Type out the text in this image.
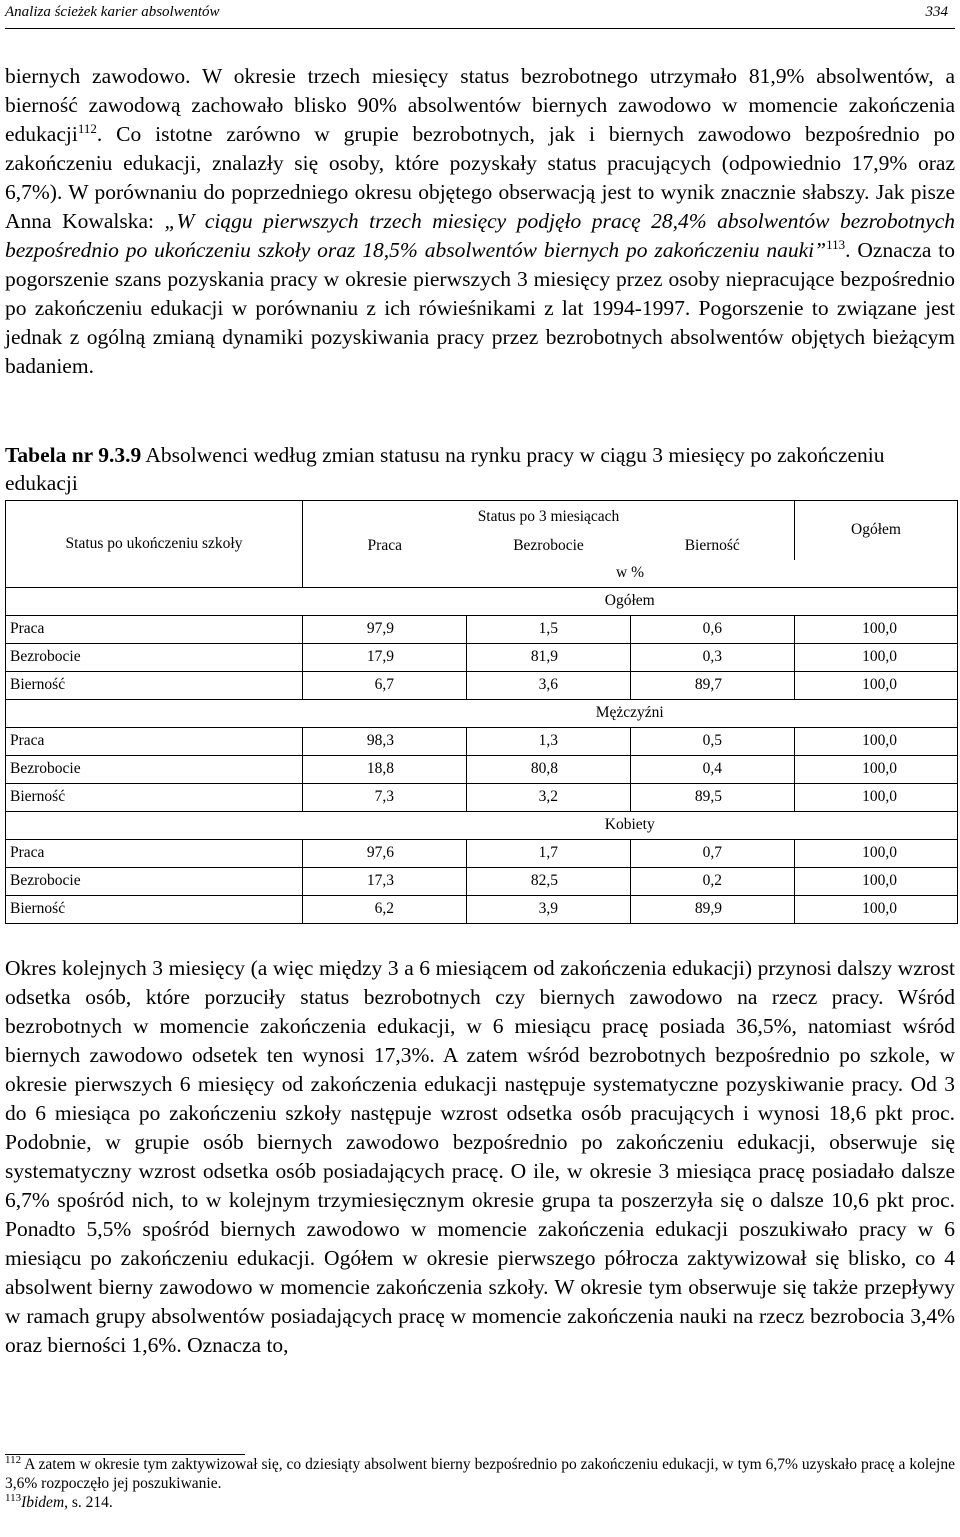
Analiza ścieżek karier absolwentów	334

biernych zawodowo. W okresie trzech miesięcy status bezrobotnego utrzymało 81,9% absolwentów, a bierność zawodową zachowało blisko 90% absolwentów biernych zawodowo w momencie zakończenia edukacji$^{112}$. Co istotne zarówno w grupie bezrobotnych, jak i biernych zawodowo bezpośrednio po zakończeniu edukacji, znalazły się osoby, które pozyskały status pracujących (odpowiednio 17,9% oraz 6,7%). W porównaniu do poprzedniego okresu objętego obserwacją jest to wynik znacznie słabszy. Jak pisze Anna Kowalska: „W ciągu pierwszych trzech miesięcy podjęło pracę 28,4% absolwentów bezrobotnych bezpośrednio po ukończeniu szkoły oraz 18,5% absolwentów biernych po zakończeniu nauki”$^{113}$. Oznacza to pogorszenie szans pozyskania pracy w okresie pierwszych 3 miesięcy przez osoby niepracujące bezpośrednio po zakończeniu edukacji w porównaniu z ich rówieśnikami z lat 1994-1997. Pogorszenie to związane jest jednak z ogólną zmianą dynamiki pozyskiwania pracy przez bezrobotnych absolwentów objętych bieżącym badaniem.

Tabela nr 9.3.9 Absolwenci według zmian statusu na rynku pracy w ciągu 3 miesięcy po zakończeniu edukacji

Status po ukończeniu szkoły	Status po 3 miesiącach			Ogółem
	Praca	Bezrobocie	Bierność	
	w %			
	Ogółem			
Praca	97,9	1,5	0,6	100,0
Bezrobocie	17,9	81,9	0,3	100,0
Bierność	6,7	3,6	89,7	100,0
	Mężczyźni			
Praca	98,3	1,3	0,5	100,0
Bezrobocie	18,8	80,8	0,4	100,0
Bierność	7,3	3,2	89,5	100,0
	Kobiety			
Praca	97,6	1,7	0,7	100,0
Bezrobocie	17,3	82,5	0,2	100,0
Bierność	6,2	3,9	89,9	100,0

Okres kolejnych 3 miesięcy (a więc między 3 a 6 miesiącem od zakończenia edukacji) przynosi dalszy wzrost odsetka osób, które porzuciły status bezrobotnych czy biernych zawodowo na rzecz pracy. Wśród bezrobotnych w momencie zakończenia edukacji, w 6 miesiącu pracę posiada 36,5%, natomiast wśród biernych zawodowo odsetek ten wynosi 17,3%. A zatem wśród bezrobotnych bezpośrednio po szkole, w okresie pierwszych 6 miesięcy od zakończenia edukacji następuje systematyczne pozyskiwanie pracy. Od 3 do 6 miesiąca po zakończeniu szkoły następuje wzrost odsetka osób pracujących i wynosi 18,6 pkt proc. Podobnie, w grupie osób biernych zawodowo bezpośrednio po zakończeniu edukacji, obserwuje się systematyczny wzrost odsetka osób posiadających pracę. O ile, w okresie 3 miesiąca pracę posiadało dalsze 6,7% spośród nich, to w kolejnym trzymiesięcznym okresie grupa ta poszerzyła się o dalsze 10,6 pkt proc. Ponadto 5,5% spośród biernych zawodowo w momencie zakończenia edukacji poszukiwało pracy w 6 miesiącu po zakończeniu edukacji. Ogółem w okresie pierwszego półrocza zaktywizował się blisko, co 4 absolwent bierny zawodowo w momencie zakończenia szkoły. W okresie tym obserwuje się także przepływy w ramach grupy absolwentów posiadających pracę w momencie zakończenia nauki na rzecz bezrobocia 3,4% oraz bierności 1,6%. Oznacza to,

$^{112}$ A zatem w okresie tym zaktywizował się, co dziesiąty absolwent bierny bezpośrednio po zakończeniu edukacji, w tym 6,7% uzyskało pracę a kolejne 3,6% rozpoczęło jej poszukiwanie.

$^{113}$Ibidem, s. 214.
